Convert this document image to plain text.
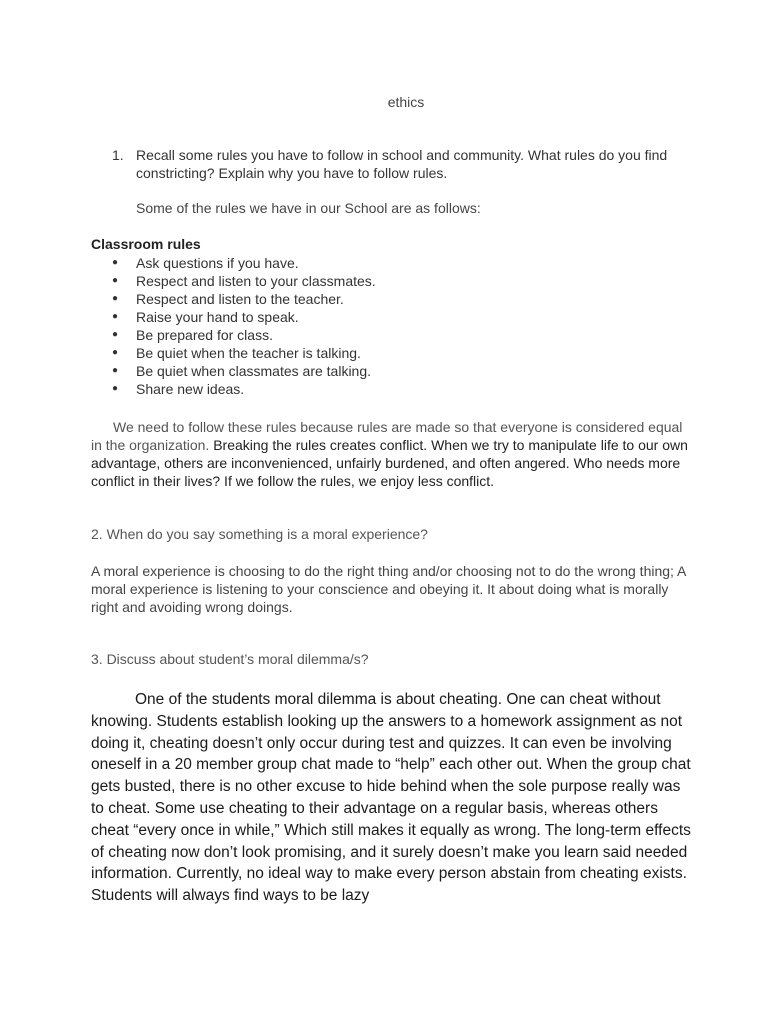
ethics
1. Recall some rules you have to follow in school and community. What rules do you find constricting? Explain why you have to follow rules.
Some of the rules we have in our School are as follows:
Classroom rules
● Ask questions if you have.
● Respect and listen to your classmates.
● Respect and listen to the teacher.
● Raise your hand to speak.
● Be prepared for class.
● Be quiet when the teacher is talking.
● Be quiet when classmates are talking.
● Share new ideas.
We need to follow these rules because rules are made so that everyone is considered equal in the organization. Breaking the rules creates conflict. When we try to manipulate life to our own advantage, others are inconvenienced, unfairly burdened, and often angered. Who needs more conflict in their lives? If we follow the rules, we enjoy less conflict.
2. When do you say something is a moral experience?
A moral experience is choosing to do the right thing and/or choosing not to do the wrong thing; A moral experience is listening to your conscience and obeying it. It about doing what is morally right and avoiding wrong doings.
3. Discuss about student’s moral dilemma/s?
One of the students moral dilemma is about cheating. One can cheat without knowing. Students establish looking up the answers to a homework assignment as not doing it, cheating doesn’t only occur during test and quizzes. It can even be involving oneself in a 20 member group chat made to “help” each other out. When the group chat gets busted, there is no other excuse to hide behind when the sole purpose really was to cheat. Some use cheating to their advantage on a regular basis, whereas others cheat “every once in while,” Which still makes it equally as wrong. The long-term effects of cheating now don’t look promising, and it surely doesn’t make you learn said needed information. Currently, no ideal way to make every person abstain from cheating exists. Students will always find ways to be lazy
